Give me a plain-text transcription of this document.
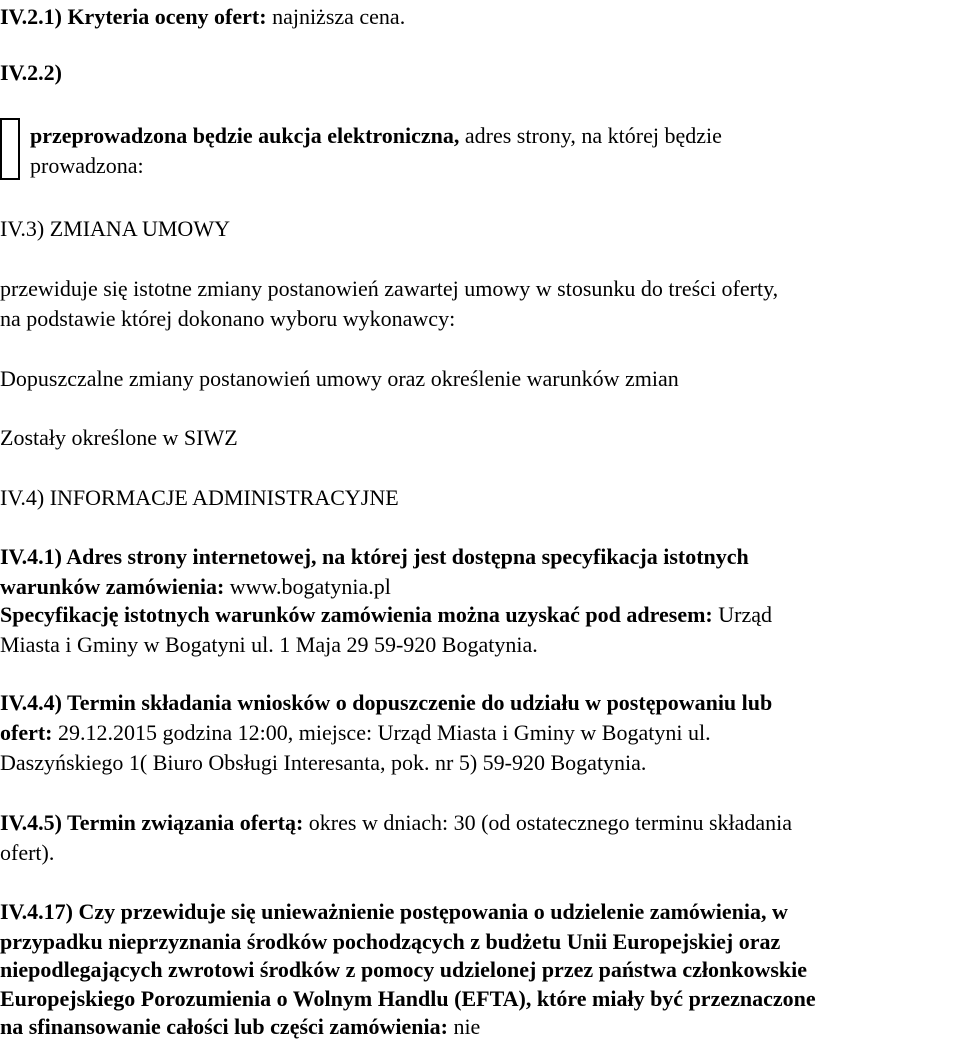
IV.2.1) Kryteria oceny ofert: najniższa cena.

IV.2.2)

przeprowadzona będzie aukcja elektroniczna, adres strony, na której będzie

prowadzona:

IV.3) ZMIANA UMOWY

przewiduje się istotne zmiany postanowień zawartej umowy w stosunku do treści oferty,

na podstawie której dokonano wyboru wykonawcy:

Dopuszczalne zmiany postanowień umowy oraz określenie warunków zmian

Zostały określone w SIWZ

IV.4) INFORMACJE ADMINISTRACYJNE

IV.4.1) Adres strony internetowej, na której jest dostępna specyfikacja istotnych

warunków zamówienia: www.bogatynia.pl

Specyfikację istotnych warunków zamówienia można uzyskać pod adresem: Urząd

Miasta i Gminy w Bogatyni ul. 1 Maja 29 59-920 Bogatynia.

IV.4.4) Termin składania wniosków o dopuszczenie do udziału w postępowaniu lub

ofert: 29.12.2015 godzina 12:00, miejsce: Urząd Miasta i Gminy w Bogatyni ul.

Daszyńskiego 1( Biuro Obsługi Interesanta, pok. nr 5) 59-920 Bogatynia.

IV.4.5) Termin związania ofertą: okres w dniach: 30 (od ostatecznego terminu składania

ofert).

IV.4.17) Czy przewiduje się unieważnienie postępowania o udzielenie zamówienia, w

przypadku nieprzyznania środków pochodzących z budżetu Unii Europejskiej oraz

niepodlegających zwrotowi środków z pomocy udzielonej przez państwa członkowskie

Europejskiego Porozumienia o Wolnym Handlu (EFTA), które miały być przeznaczone

na sfinansowanie całości lub części zamówienia: nie
